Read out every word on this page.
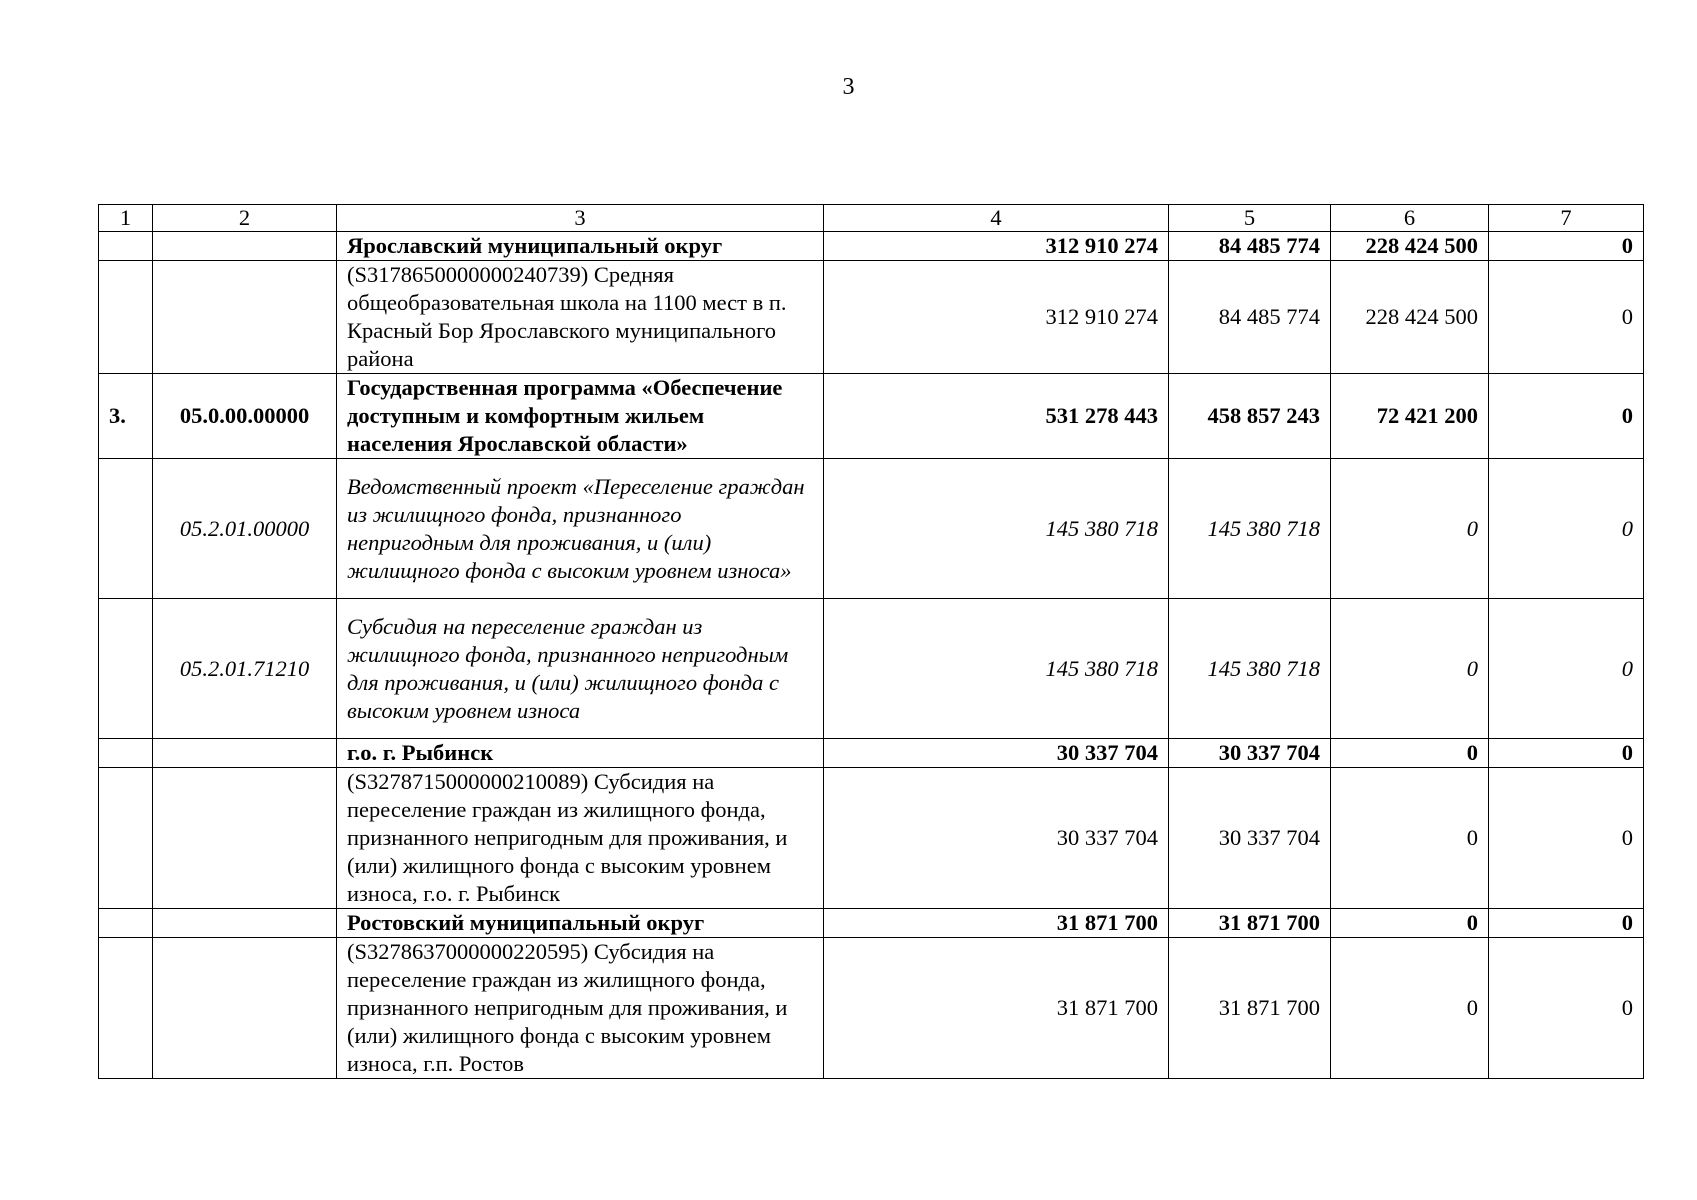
3
1	2	3	4	5	6	7
		Ярославский муниципальный округ	312 910 274	84 485 774	228 424 500	0
		(S3178650000000240739) Средняя общеобразовательная школа на 1100 мест в п. Красный Бор Ярославского муниципального района	312 910 274	84 485 774	228 424 500	0
3.	05.0.00.00000	Государственная программа «Обеспечение доступным и комфортным жильем населения Ярославской области»	531 278 443	458 857 243	72 421 200	0
	05.2.01.00000	Ведомственный проект «Переселение граждан из жилищного фонда, признанного непригодным для проживания, и (или) жилищного фонда с высоким уровнем износа»	145 380 718	145 380 718	0	0
	05.2.01.71210	Субсидия на переселение граждан из жилищного фонда, признанного непригодным для проживания, и (или) жилищного фонда с высоким уровнем износа	145 380 718	145 380 718	0	0
		г.о. г. Рыбинск	30 337 704	30 337 704	0	0
		(S3278715000000210089) Субсидия на переселение граждан из жилищного фонда, признанного непригодным для проживания, и (или) жилищного фонда с высоким уровнем износа, г.о. г. Рыбинск	30 337 704	30 337 704	0	0
		Ростовский муниципальный округ	31 871 700	31 871 700	0	0
		(S3278637000000220595) Субсидия на переселение граждан из жилищного фонда, признанного непригодным для проживания, и (или) жилищного фонда с высоким уровнем износа, г.п. Ростов	31 871 700	31 871 700	0	0
